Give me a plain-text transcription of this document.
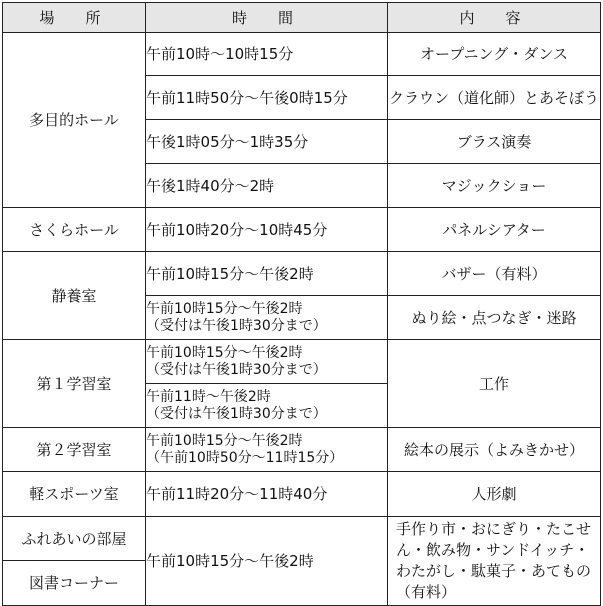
場　所	時　間	内　容
多目的ホール	午前10時～10時15分	オープニング・ダンス
	午前11時50分～午後0時15分	クラウン（道化師）とあそぼう
	午後1時05分～1時35分	ブラス演奏
	午後1時40分～2時	マジックショー
さくらホール	午前10時20分～10時45分	パネルシアター
静養室	午前10時15分～午後2時	バザー（有料）

	午前10時15分～午後2時
（受付は午後1時30分まで）	ぬり絵・点つなぎ・迷路
第１学習室	午前10時15分～午後2時
（受付は午後1時30分まで）	工作

	午前11時～午後2時
（受付は午後1時30分まで）	

第２学習室	午前10時15分～午後2時
（午前10時50分～11時15分）	絵本の展示（よみきかせ）
軽スポーツ室	午前11時20分～11時40分	人形劇
ふれあいの部屋	午前10時15分～午後2時	手作り市・おにぎり・たこせん・飲み物・サンドイッチ・わたがし・駄菓子・あてもの（有料）
図書コーナー		
